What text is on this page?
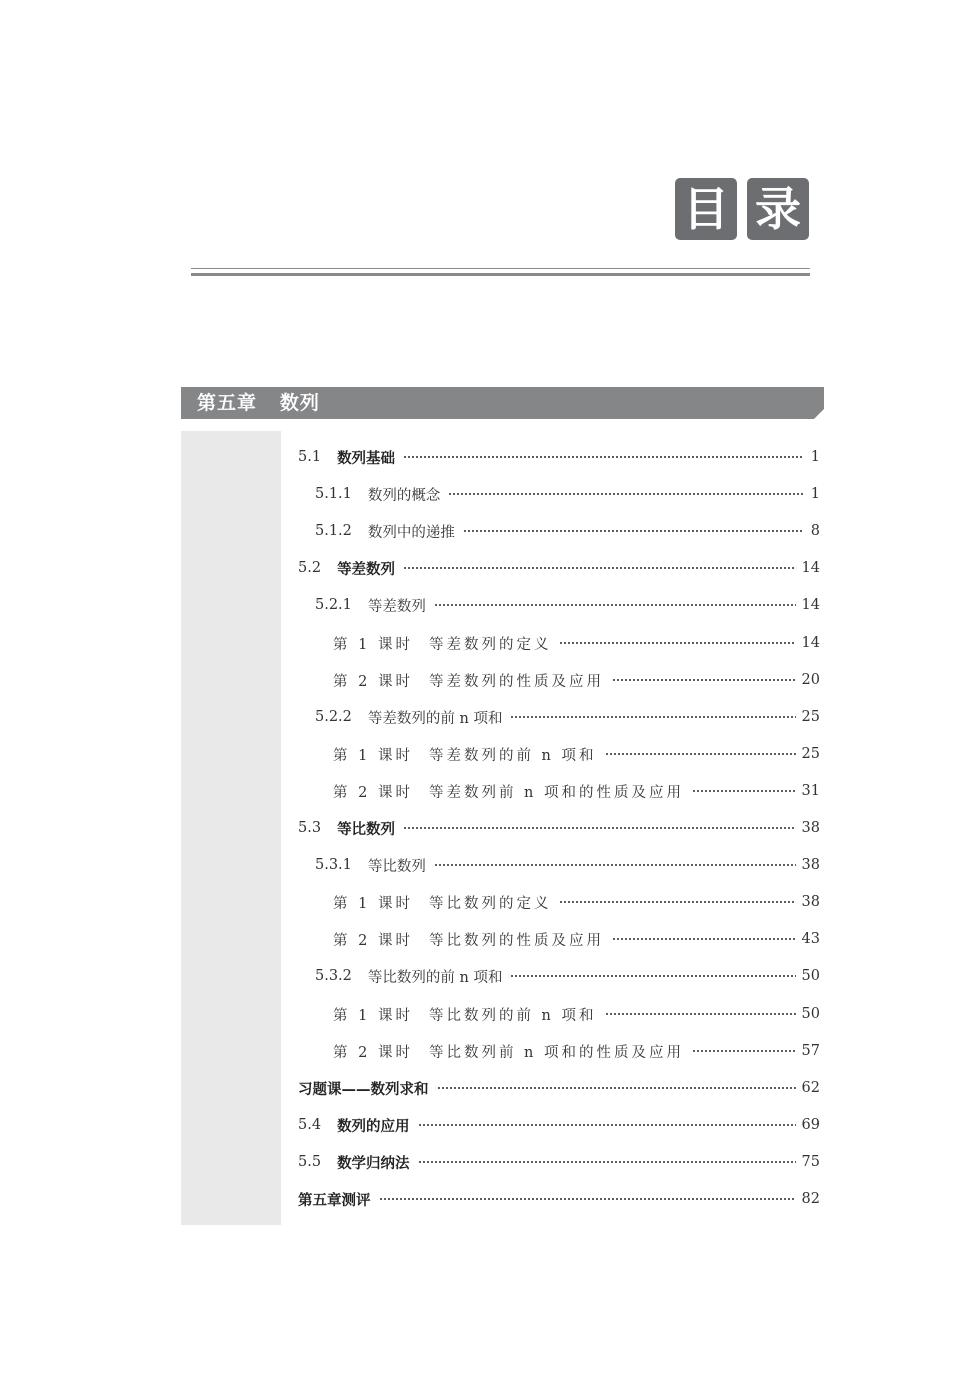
目 录
第五章   数列
5.1 数列基础	1
5.1.1 数列的概念	1
5.1.2 数列中的递推	8
5.2 等差数列	14
5.2.1 等差数列	14
第 1 课时 等差数列的定义	14
第 2 课时 等差数列的性质及应用	20
5.2.2 等差数列的前 n 项和	25
第 1 课时 等差数列的前 n 项和	25
第 2 课时 等差数列前 n 项和的性质及应用	31
5.3 等比数列	38
5.3.1 等比数列	38
第 1 课时 等比数列的定义	38
第 2 课时 等比数列的性质及应用	43
5.3.2 等比数列的前 n 项和	50
第 1 课时 等比数列的前 n 项和	50
第 2 课时 等比数列前 n 项和的性质及应用	57
习题课——数列求和	62
5.4 数列的应用	69
5.5 数学归纳法	75
第五章测评	82
